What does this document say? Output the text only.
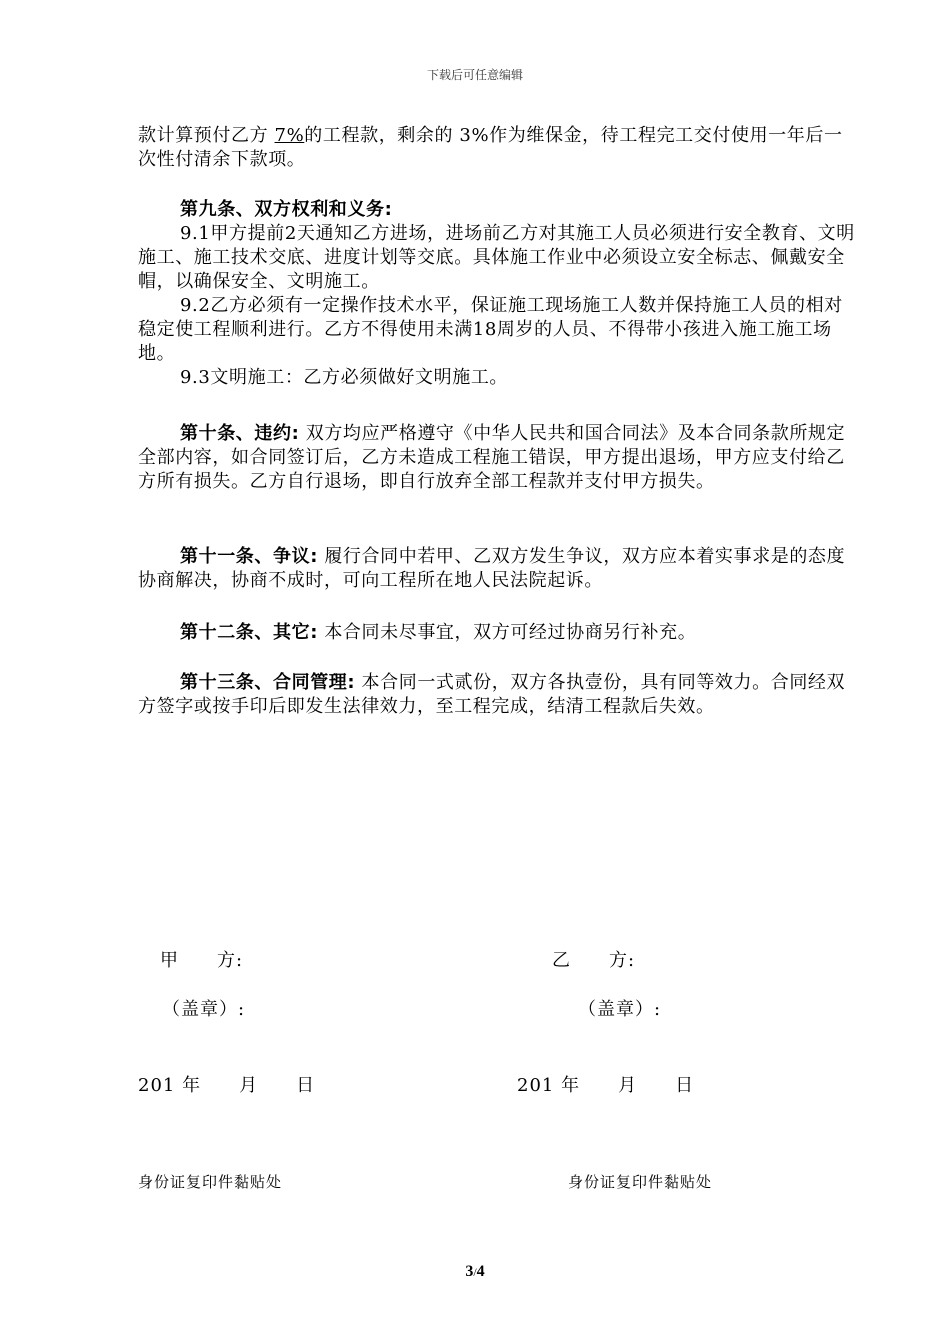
下载后可任意编辑

款计算预付乙方 7%的工程款，剩余的 3%作为维保金，待工程完工交付使用一年后一次性付清余下款项。

第九条、双方权利和义务:

9.1甲方提前2天通知乙方进场，进场前乙方对其施工人员必须进行安全教育、文明施工、施工技术交底、进度计划等交底。具体施工作业中必须设立安全标志、佩戴安全帽，以确保安全、文明施工。

9.2乙方必须有一定操作技术水平，保证施工现场施工人数并保持施工人员的相对稳定使工程顺利进行。乙方不得使用未满18周岁的人员、不得带小孩进入施工施工场地。

9.3文明施工：乙方必须做好文明施工。

第十条、违约: 双方均应严格遵守《中华人民共和国合同法》及本合同条款所规定全部内容，如合同签订后，乙方未造成工程施工错误，甲方提出退场，甲方应支付给乙方所有损失。乙方自行退场，即自行放弃全部工程款并支付甲方损失。

第十一条、争议: 履行合同中若甲、乙双方发生争议，双方应本着实事求是的态度协商解决，协商不成时，可向工程所在地人民法院起诉。

第十二条、其它: 本合同未尽事宜，双方可经过协商另行补充。

第十三条、合同管理: 本合同一式贰份，双方各执壹份，具有同等效力。合同经双方签字或按手印后即发生法律效力，至工程完成，结清工程款后失效。

甲　　方:	乙　　方:
（盖章）:	（盖章）:
201 年　　月　　日	201 年　　月　　日
身份证复印件黏贴处	身份证复印件黏贴处
3/4
